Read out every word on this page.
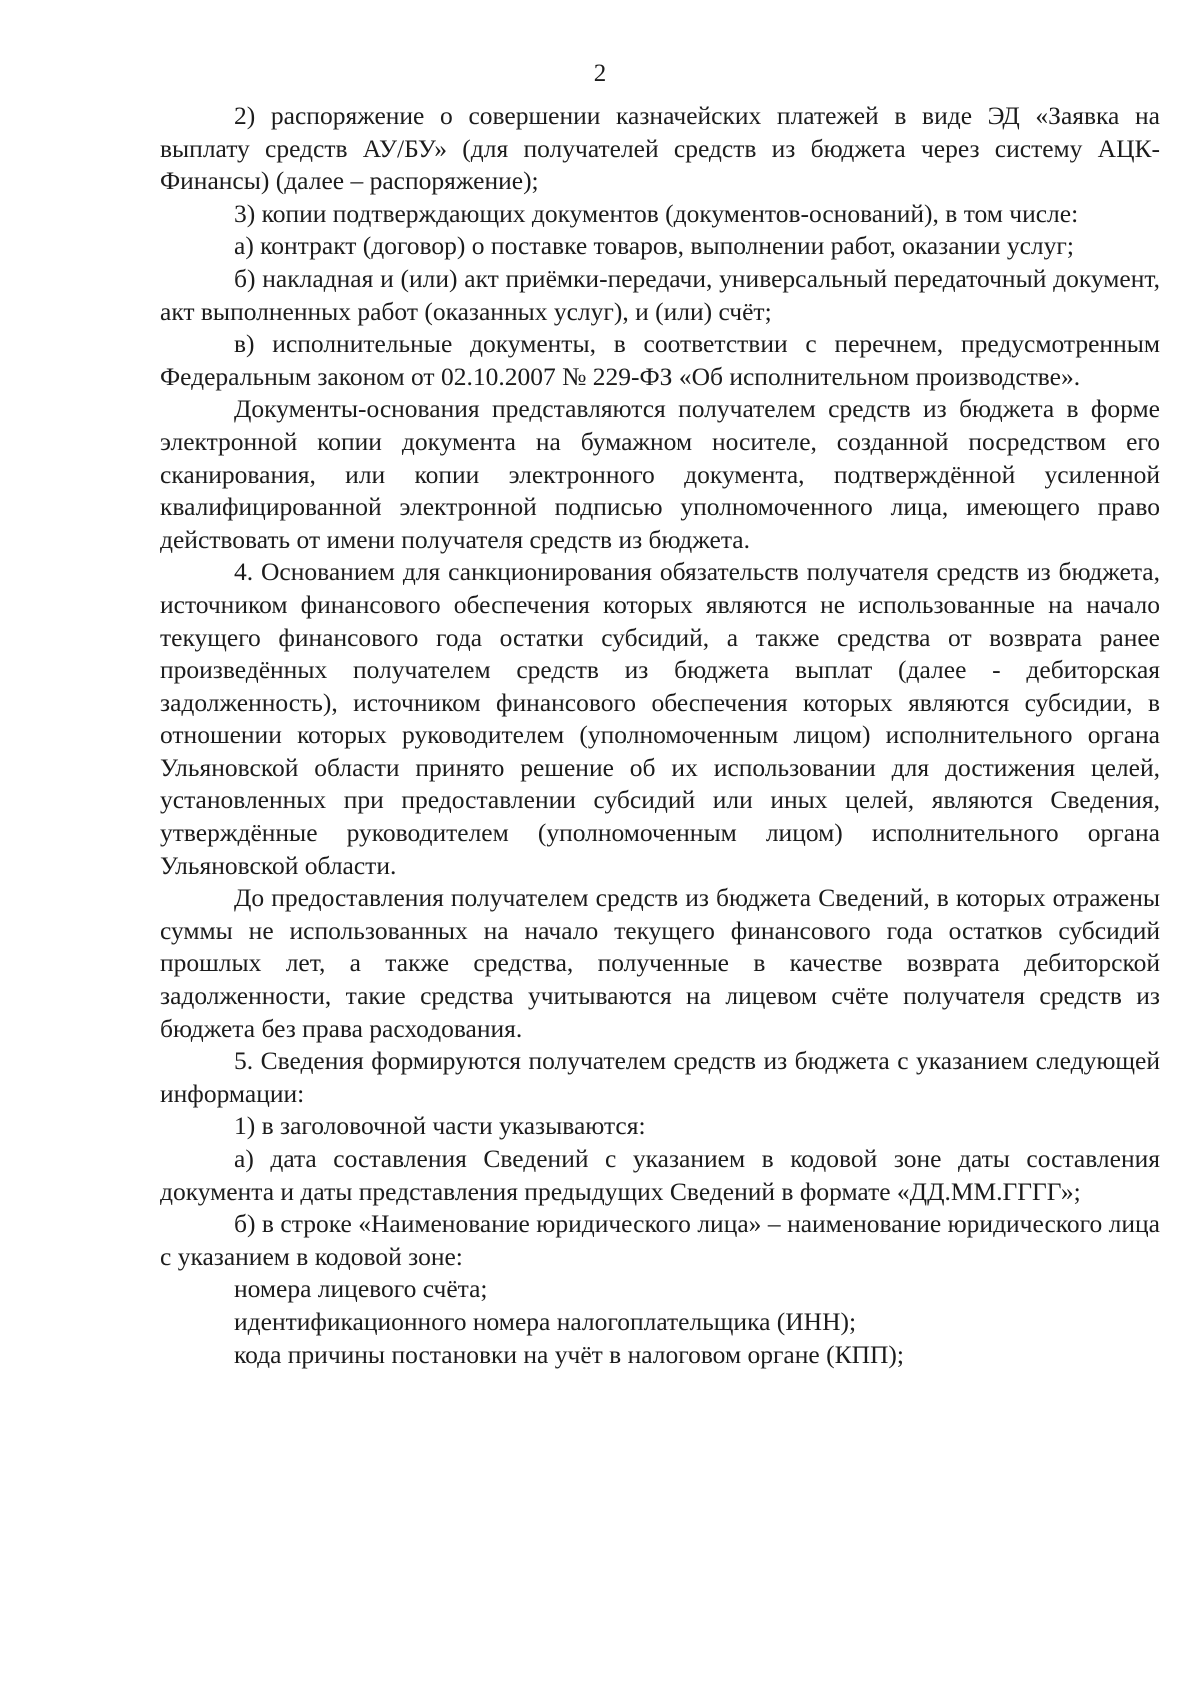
2

2) распоряжение о совершении казначейских платежей в виде ЭД «Заявка на выплату средств АУ/БУ» (для получателей средств из бюджета через систему АЦК-Финансы) (далее – распоряжение);

3) копии подтверждающих документов (документов-оснований), в том числе:

а) контракт (договор) о поставке товаров, выполнении работ, оказании услуг;

б) накладная и (или) акт приёмки-передачи, универсальный передаточный документ, акт выполненных работ (оказанных услуг), и (или) счёт;

в) исполнительные документы, в соответствии с перечнем, предусмотренным Федеральным законом от 02.10.2007 № 229-ФЗ «Об исполнительном производстве».

Документы-основания представляются получателем средств из бюджета в форме электронной копии документа на бумажном носителе, созданной посредством его сканирования, или копии электронного документа, подтверждённой усиленной квалифицированной электронной подписью уполномоченного лица, имеющего право действовать от имени получателя средств из бюджета.

4. Основанием для санкционирования обязательств получателя средств из бюджета, источником финансового обеспечения которых являются не использованные на начало текущего финансового года остатки субсидий, а также средства от возврата ранее произведённых получателем средств из бюджета выплат (далее - дебиторская задолженность), источником финансового обеспечения которых являются субсидии, в отношении которых руководителем (уполномоченным лицом) исполнительного органа Ульяновской области принято решение об их использовании для достижения целей, установленных при предоставлении субсидий или иных целей, являются Сведения, утверждённые руководителем (уполномоченным лицом) исполнительного органа Ульяновской области.

До предоставления получателем средств из бюджета Сведений, в которых отражены суммы не использованных на начало текущего финансового года остатков субсидий прошлых лет, а также средства, полученные в качестве возврата дебиторской задолженности, такие средства учитываются на лицевом счёте получателя средств из бюджета без права расходования.

5. Сведения формируются получателем средств из бюджета с указанием следующей информации:

1) в заголовочной части указываются:

а) дата составления Сведений с указанием в кодовой зоне даты составления документа и даты представления предыдущих Сведений в формате «ДД.ММ.ГГГГ»;

б) в строке «Наименование юридического лица» – наименование юридического лица с указанием в кодовой зоне:

номера лицевого счёта;

идентификационного номера налогоплательщика (ИНН);

кода причины постановки на учёт в налоговом органе (КПП);
